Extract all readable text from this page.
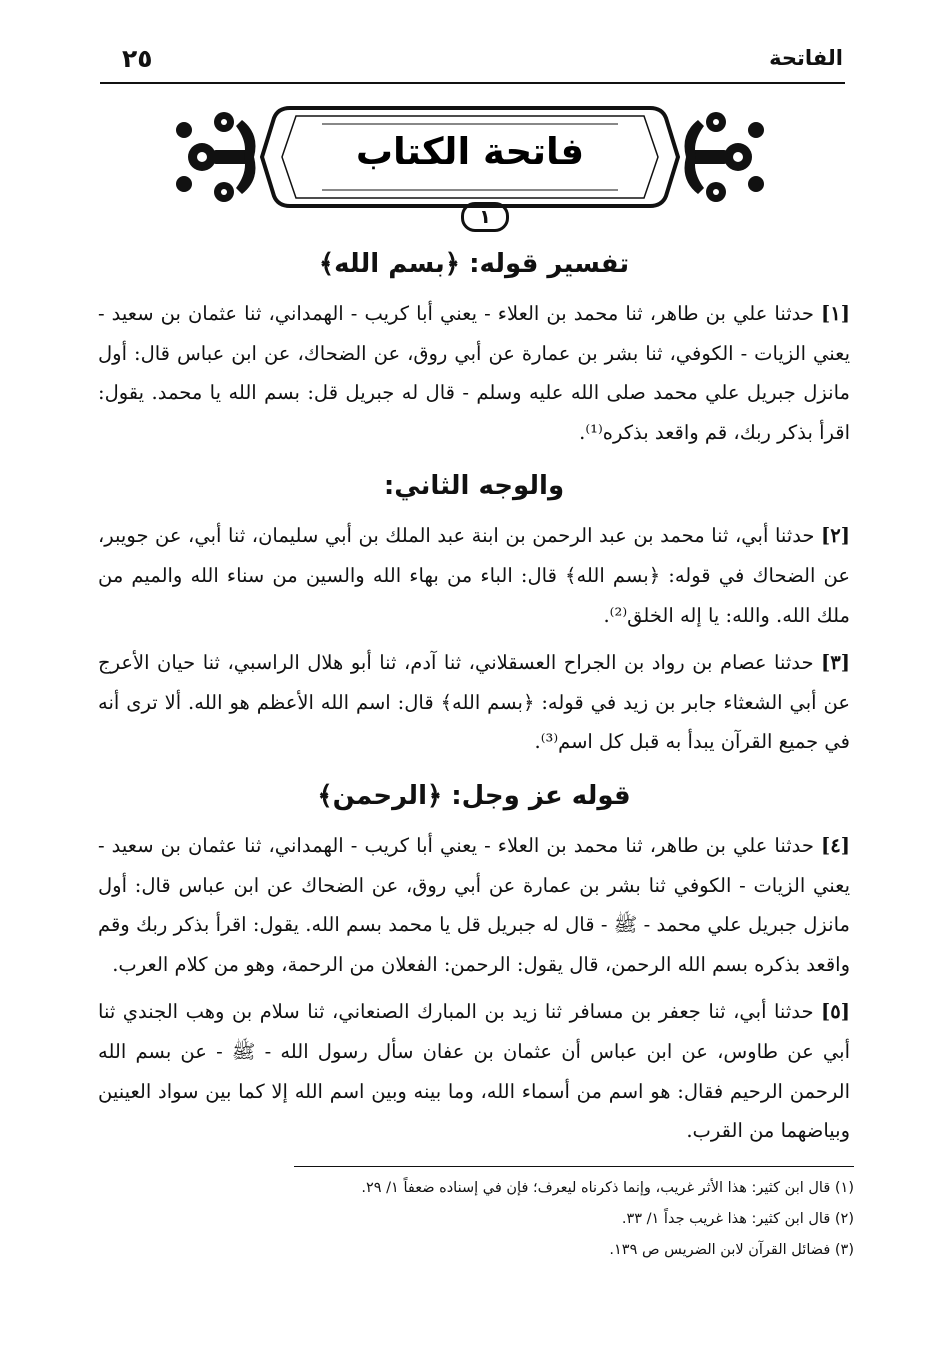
٢٥	الفاتحة
فاتحة الكتاب
١
تفسير قوله: ﴿بسم الله﴾

[١] حدثنا علي بن طاهر، ثنا محمد بن العلاء - يعني أبا كريب - الهمداني، ثنا عثمان بن سعيد - يعني الزيات - الكوفي، ثنا بشر بن عمارة عن أبي روق، عن الضحاك، عن ابن عباس قال: أول مانزل جبريل علي محمد صلى الله عليه وسلم - قال له جبريل قل: بسم الله يا محمد. يقول: اقرأ بذكر ربك، قم واقعد بذكره⁽¹⁾.

والوجه الثاني:

[٢] حدثنا أبي، ثنا محمد بن عبد الرحمن بن ابنة عبد الملك بن أبي سليمان، ثنا أبي، عن جويبر، عن الضحاك في قوله: ﴿بسم الله﴾ قال: الباء من بهاء الله والسين من سناء الله والميم من ملك الله. والله: يا إله الخلق⁽²⁾.

[٣] حدثنا عصام بن رواد بن الجراح العسقلاني، ثنا آدم، ثنا أبو هلال الراسبي، ثنا حيان الأعرج عن أبي الشعثاء جابر بن زيد في قوله: ﴿بسم الله﴾ قال: اسم الله الأعظم هو الله. ألا ترى أنه في جميع القرآن يبدأ به قبل كل اسم⁽³⁾.

قوله عز وجل: ﴿الرحمن﴾

[٤] حدثنا علي بن طاهر، ثنا محمد بن العلاء - يعني أبا كريب - الهمداني، ثنا عثمان بن سعيد - يعني الزيات - الكوفي ثنا بشر بن عمارة عن أبي روق، عن الضحاك عن ابن عباس قال: أول مانزل جبريل علي محمد - ﷺ - قال له جبريل قل يا محمد بسم الله. يقول: اقرأ بذكر ربك وقم واقعد بذكره بسم الله الرحمن، قال يقول: الرحمن: الفعلان من الرحمة، وهو من كلام العرب.

[٥] حدثنا أبي، ثنا جعفر بن مسافر ثنا زيد بن المبارك الصنعاني، ثنا سلام بن وهب الجندي ثنا أبي عن طاوس، عن ابن عباس أن عثمان بن عفان سأل رسول الله - ﷺ - عن بسم الله الرحمن الرحيم فقال: هو اسم من أسماء الله، وما بينه وبين اسم الله إلا كما بين سواد العينين وبياضهما من القرب.

(١) قال ابن كثير: هذا الأثر غريب، وإنما ذكرناه ليعرف؛ فإن في إسناده ضعفاً ١/ ٢٩.
(٢) قال ابن كثير: هذا غريب جداً ١/ ٣٣.
(٣) فضائل القرآن لابن الضريس ص ١٣٩.
